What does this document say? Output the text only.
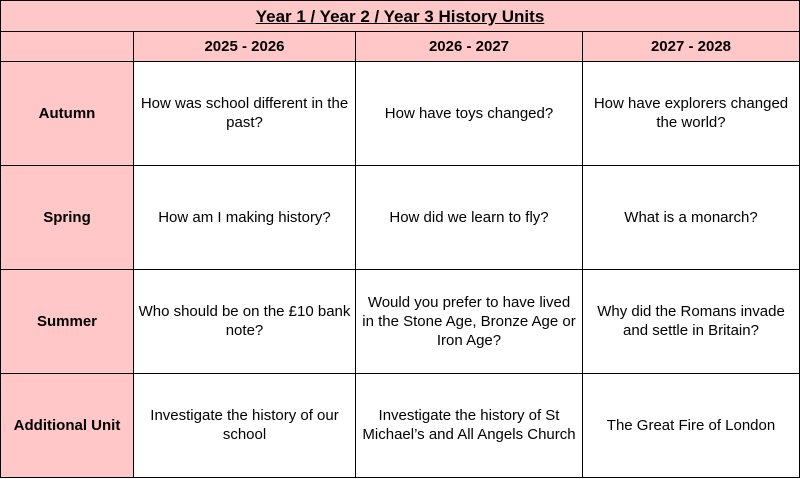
Year 1 / Year 2 / Year 3 History Units			
	2025 - 2026	2026 - 2027	2027 - 2028
Autumn	How was school different in the past?	How have toys changed?	How have explorers changed the world?
Spring	How am I making history?	How did we learn to fly?	What is a monarch?
Summer	Who should be on the £10 bank note?	Would you prefer to have lived in the Stone Age, Bronze Age or Iron Age?	Why did the Romans invade and settle in Britain?
Additional Unit	Investigate the history of our school	Investigate the history of St Michael’s and All Angels Church	The Great Fire of London
